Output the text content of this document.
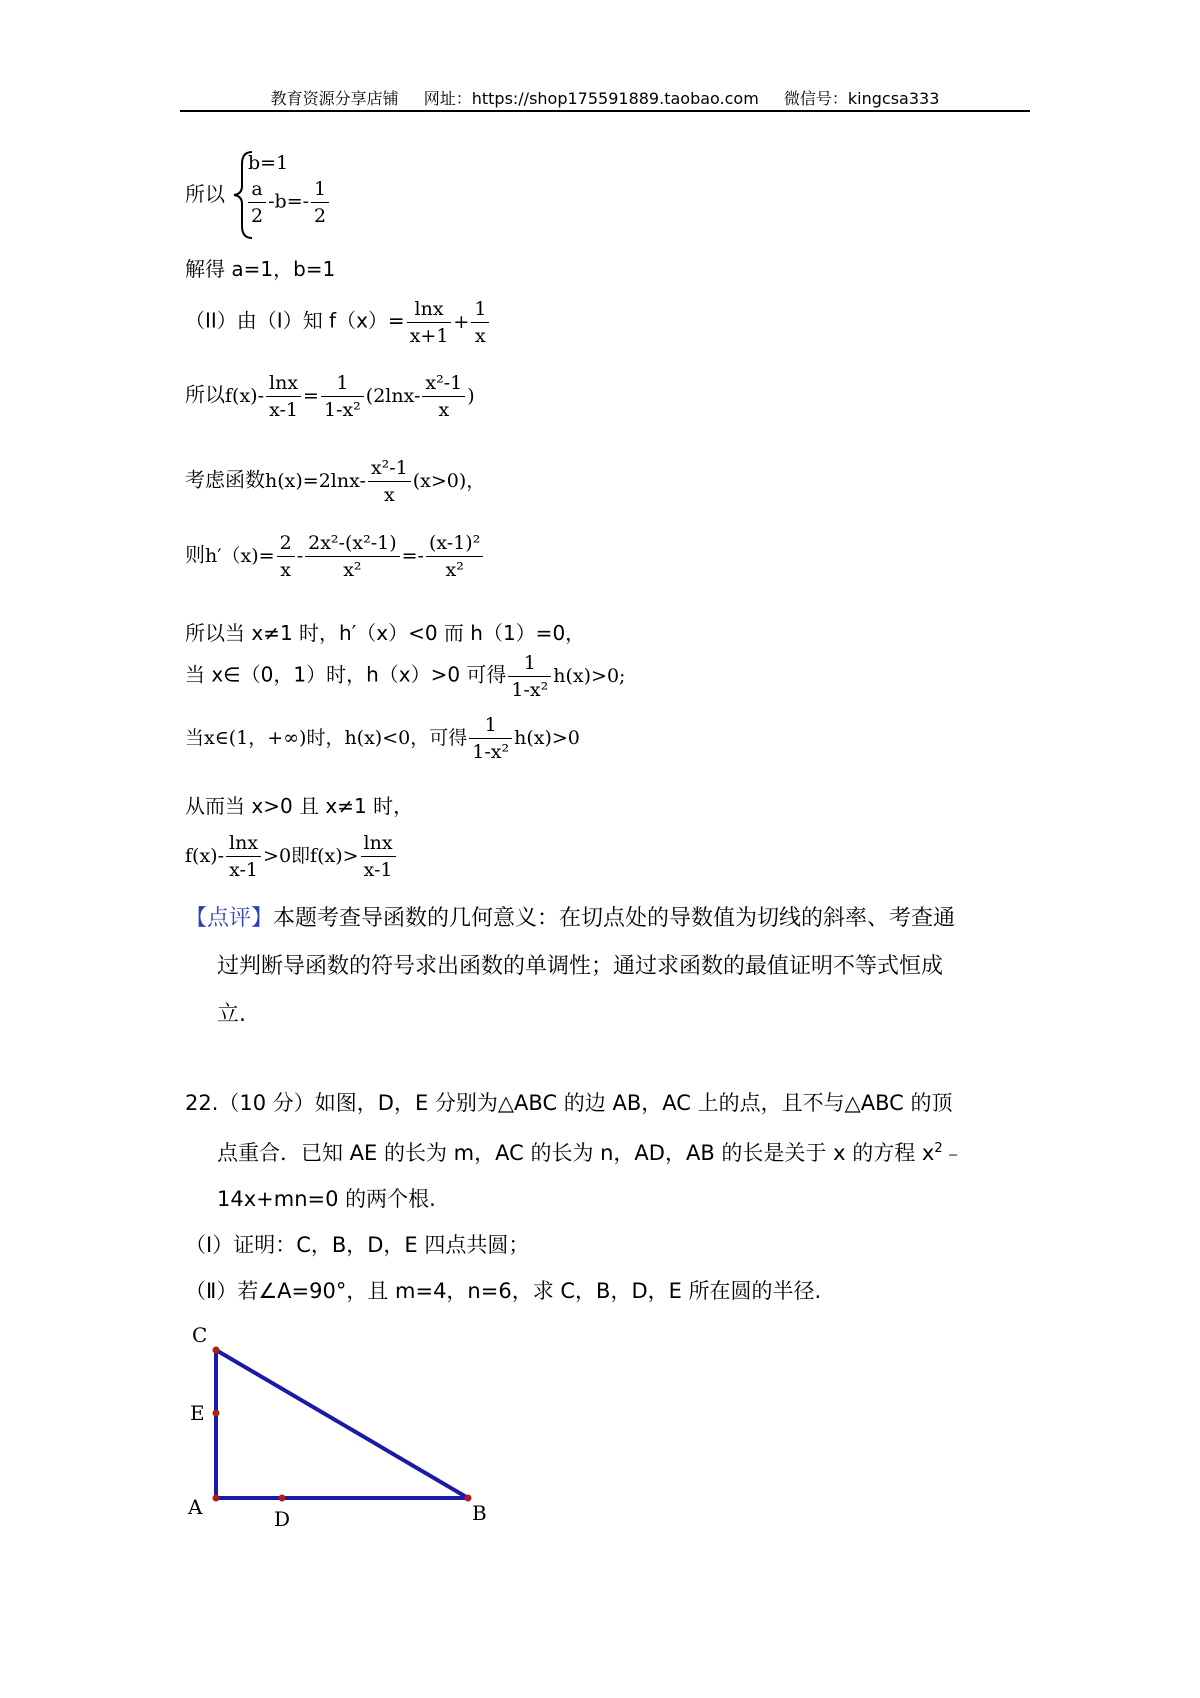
教育资源分享店铺 网址：https://shop175591889.taobao.com 微信号：kingcsa333
所以
b=1
$\frac{a}{2} -b=- \frac{1}{2}$
解得 a=1，b=1
（II）由（I）知 $f(x)= \frac{\ln x}{x+1} + \frac{1}{x}$
所以$f(x)- \frac{\ln x}{x-1} = \frac{1}{\text{1-x²}} (2\ln x- \frac{\text{x²-1}}{x}$ )
考虑函数$h(x)=2\ln x- \frac{\text{x²-1}}{x} (x>0)$，
则$h'(x)= \frac{2}{x} - \frac{\text{2x²-(x²-1)}}{\text{x²}} =- \frac{\text{(x-1)²}}{\text{x²}}$
所以当 x≠1 时，h′（x）<0 而 h（1）=0，
当 x∈（0，1）时，h（x）>0 可得 $\frac{1}{\text{1-x²}} h(x)>0$;
当x∈(1，+∞)时，h(x)<0，可得 $\frac{1}{\text{1-x²}} h(x)>0$
从而当 x>0 且 x≠1 时，
$f(x)- \frac{\ln x}{x-1} >0$即$f(x)> \frac{\ln x}{x-1}$
【点评】本题考查导函数的几何意义：在切点处的导数值为切线的斜率、考查通
过判断导函数的符号求出函数的单调性；通过求函数的最值证明不等式恒成
立.
22.（10 分）如图，D，E 分别为△ABC 的边 AB，AC 上的点，且不与△ABC 的顶
点重合．已知 AE 的长为 m，AC 的长为 n，AD，AB 的长是关于 x 的方程 $x^2﹣$
14x+mn=0 的两个根.
（Ⅰ）证明：C，B，D，E 四点共圆；
（Ⅱ）若∠A=90°，且 m=4，n=6，求 C，B，D，E 所在圆的半径.
C
E
A	D	B
